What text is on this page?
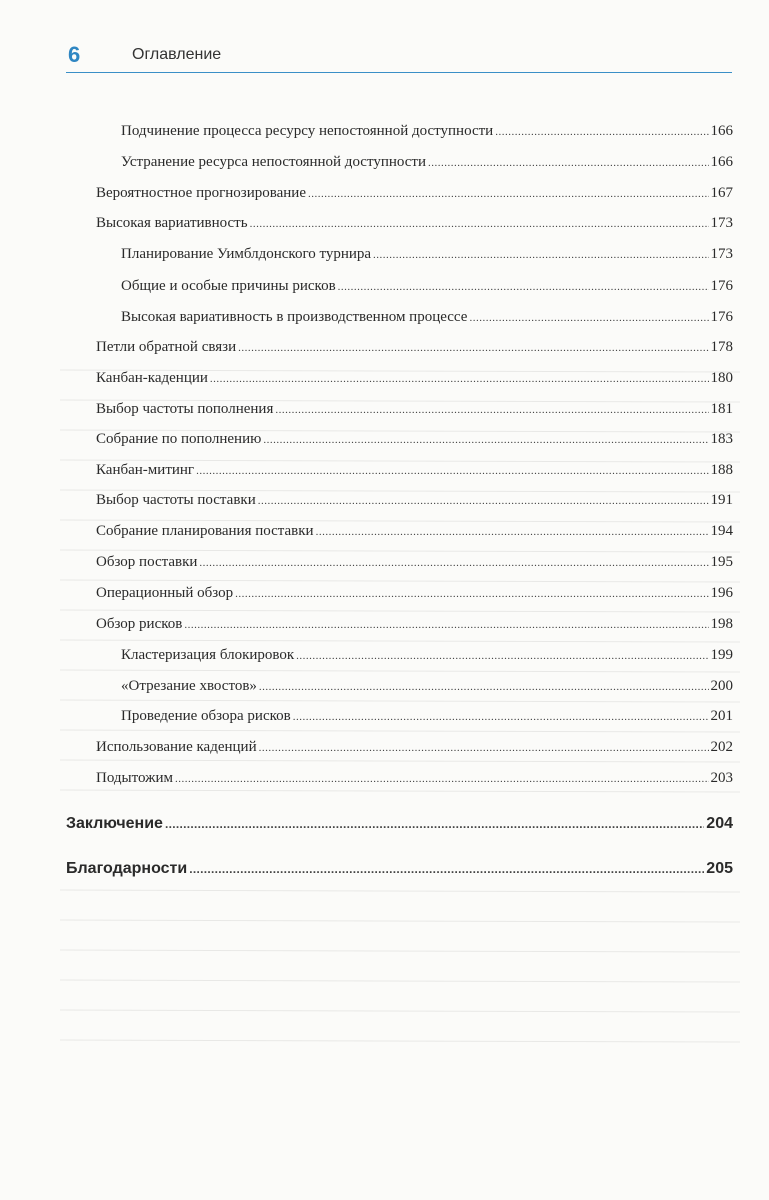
6	Оглавление
Подчинение процесса ресурсу непостоянной доступности .....	166
Устранение ресурса непостоянной доступности .....	166
Вероятностное прогнозирование .....	167
Высокая вариативность .....	173
Планирование Уимблдонского турнира .....	173
Общие и особые причины рисков .....	176
Высокая вариативность в производственном процессе .....	176
Петли обратной связи .....	178
Канбан-каденции .....	180
Выбор частоты пополнения .....	181
Собрание по пополнению .....	183
Канбан-митинг .....	188
Выбор частоты поставки .....	191
Собрание планирования поставки .....	194
Обзор поставки .....	195
Операционный обзор .....	196
Обзор рисков .....	198
Кластеризация блокировок .....	199
«Отрезание хвостов» .....	200
Проведение обзора рисков .....	201
Использование каденций .....	202
Подытожим .....	203
Заключение .....	204
Благодарности .....	205
